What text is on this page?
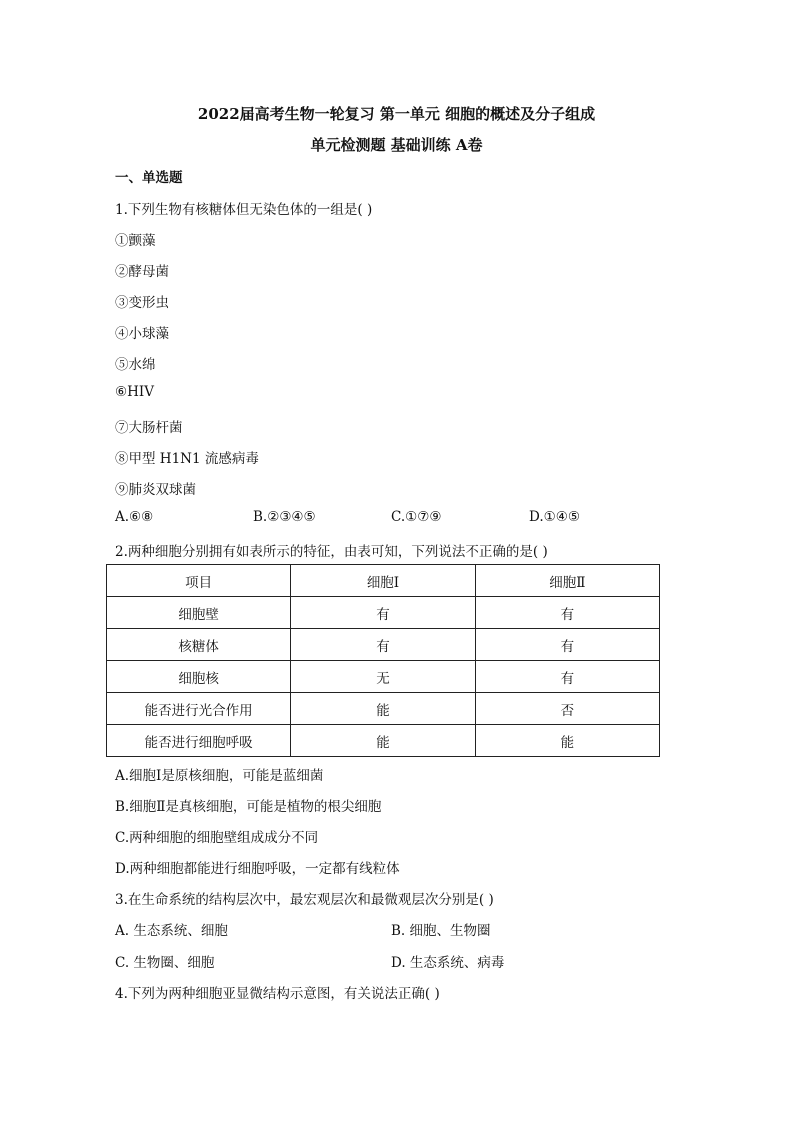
2022届高考生物一轮复习 第一单元 细胞的概述及分子组成
单元检测题 基础训练 A卷
一、单选题
1.下列生物有核糖体但无染色体的一组是( )
①颤藻
②酵母菌
③变形虫
④小球藻
⑤水绵
⑥HIV
⑦大肠杆菌
⑧甲型 H1N1 流感病毒
⑨肺炎双球菌
A.⑥⑧	B.②③④⑤	C.①⑦⑨	D.①④⑤
2.两种细胞分别拥有如表所示的特征，由表可知，下列说法不正确的是( )
项目	细胞Ⅰ	细胞Ⅱ
细胞壁	有	有
核糖体	有	有
细胞核	无	有
能否进行光合作用	能	否
能否进行细胞呼吸	能	能
A.细胞Ⅰ是原核细胞，可能是蓝细菌
B.细胞Ⅱ是真核细胞，可能是植物的根尖细胞
C.两种细胞的细胞壁组成成分不同
D.两种细胞都能进行细胞呼吸，一定都有线粒体
3.在生命系统的结构层次中，最宏观层次和最微观层次分别是( )
A. 生态系统、细胞	B. 细胞、生物圈
C. 生物圈、细胞	D. 生态系统、病毒
4.下列为两种细胞亚显微结构示意图，有关说法正确( )
